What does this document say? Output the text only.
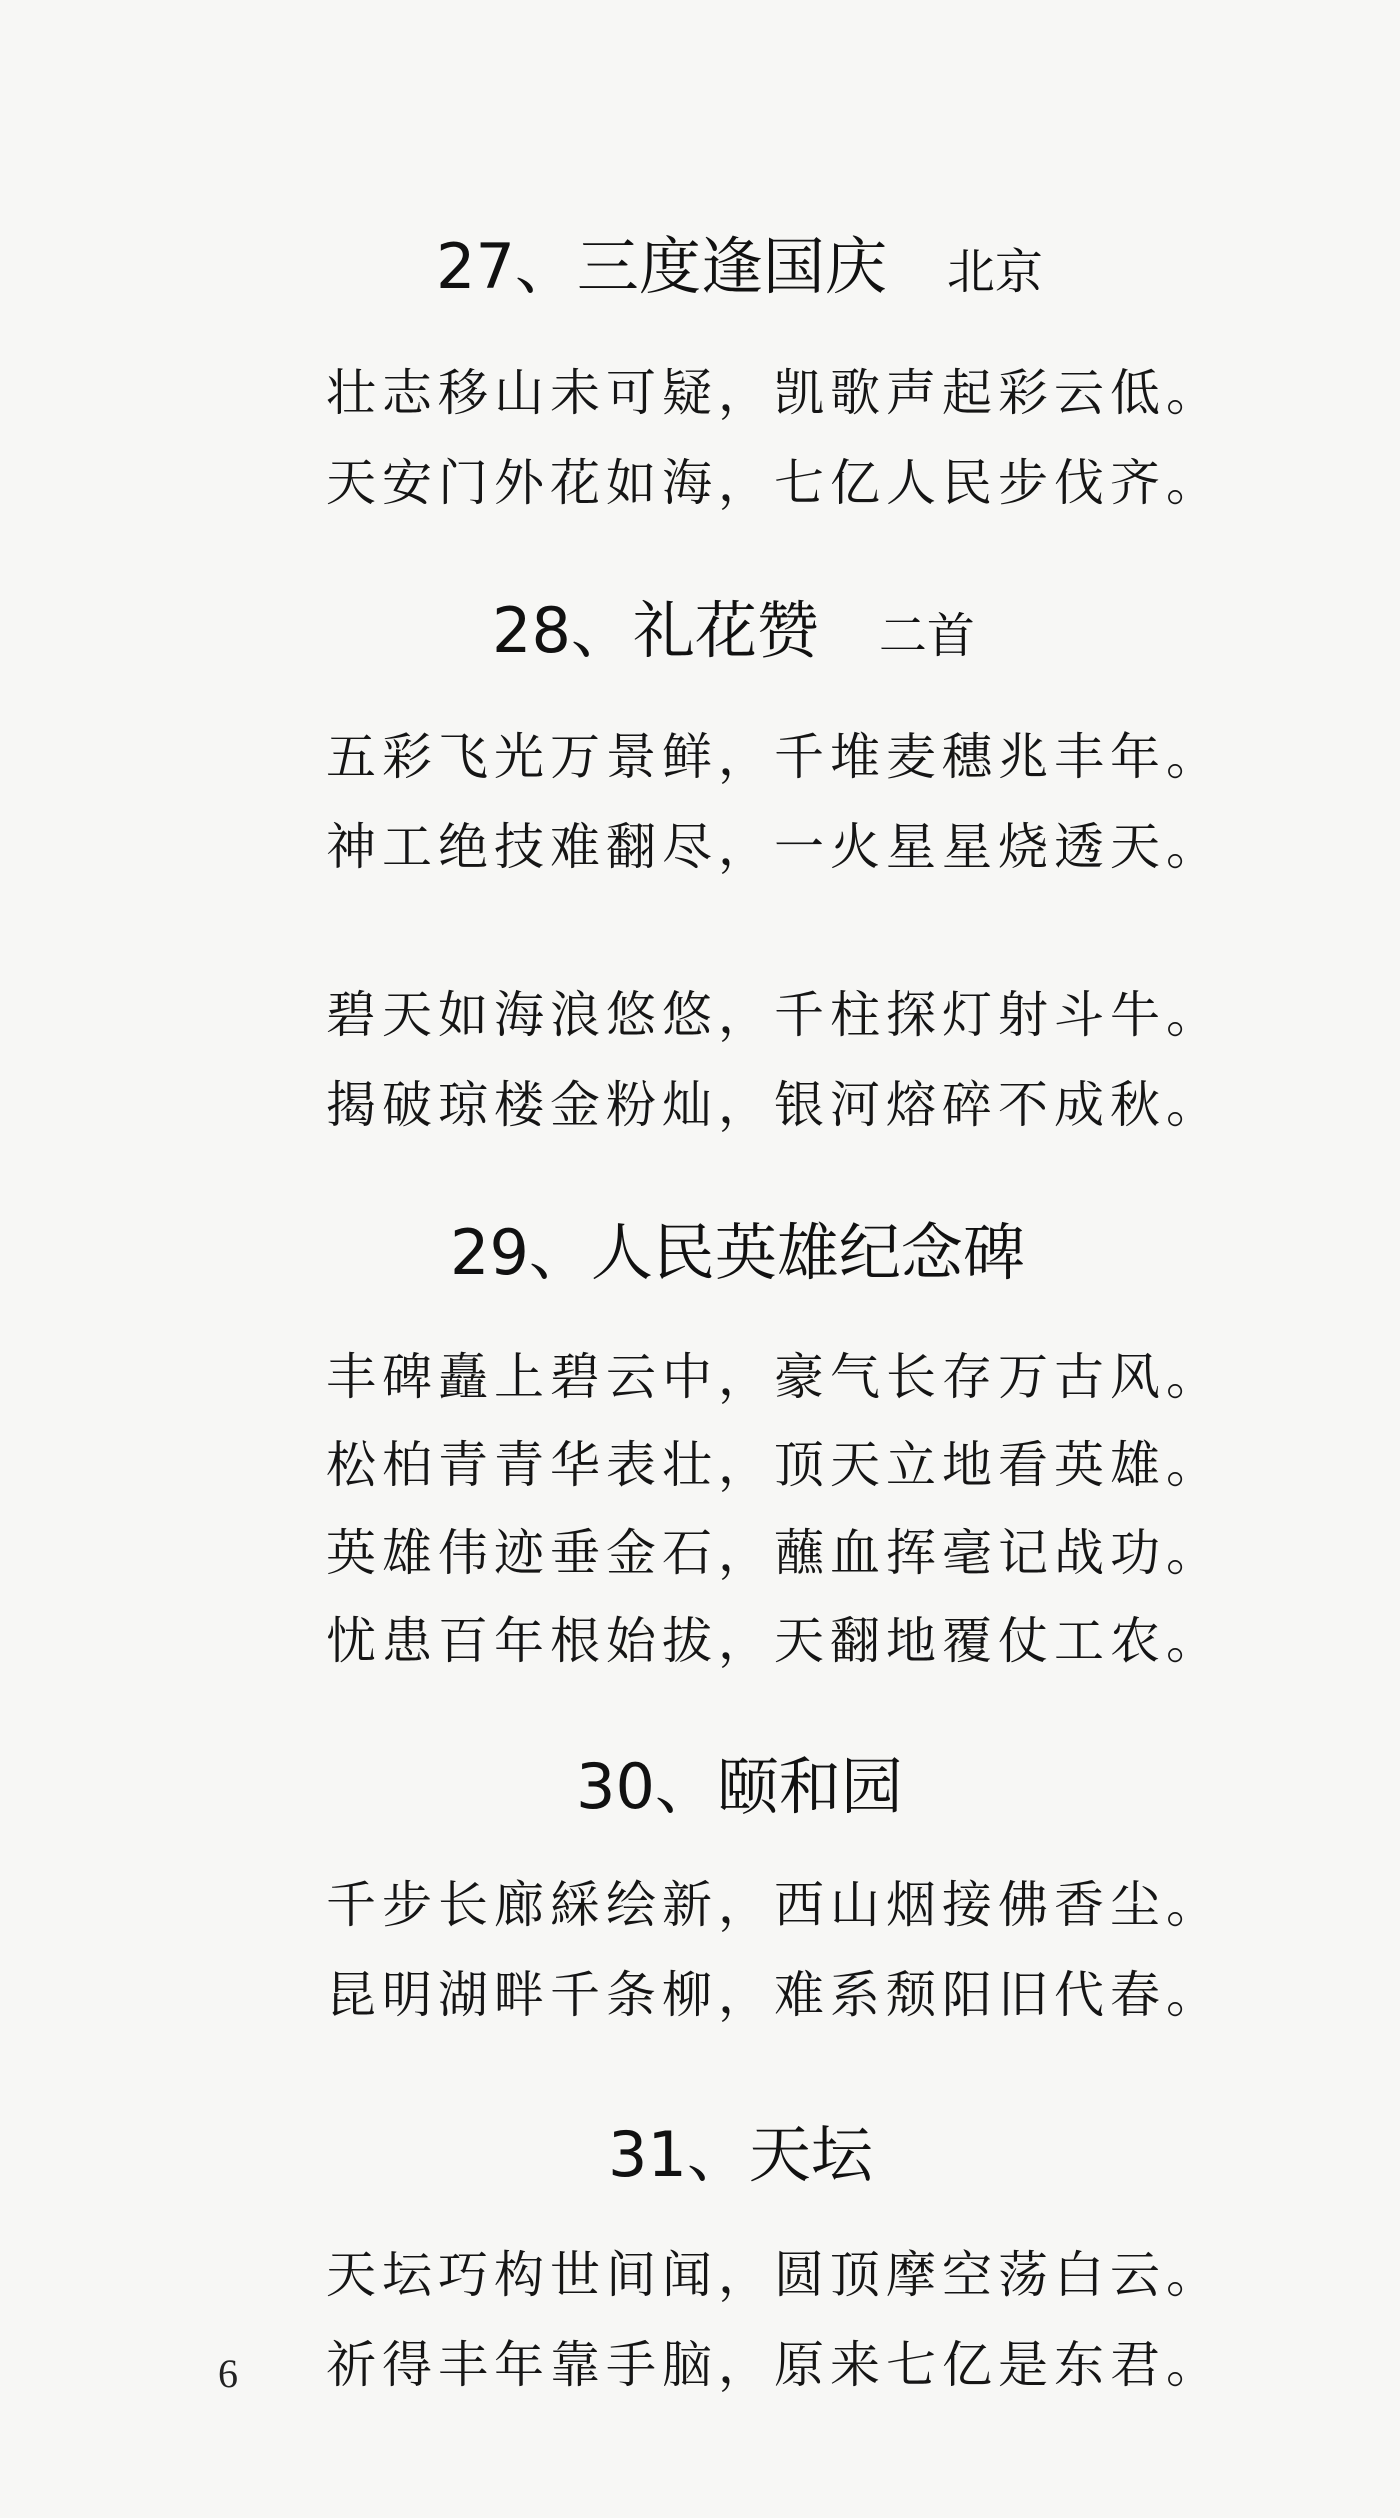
27、三度逢国庆 北京
壮志移山未可疑，凯歌声起彩云低。
天安门外花如海，七亿人民步伐齐。
28、礼花赞 二首
五彩飞光万景鲜，千堆麦穗兆丰年。
神工绝技难翻尽，一火星星烧透天。
碧天如海浪悠悠，千柱探灯射斗牛。
揭破琼楼金粉灿，银河熔碎不成秋。
29、人民英雄纪念碑
丰碑矗上碧云中，豪气长存万古风。
松柏青青华表壮，顶天立地看英雄。
英雄伟迹垂金石，蘸血挥毫记战功。
忧患百年根始拔，天翻地覆仗工农。
30、颐和园
千步长廊綵绘新，西山烟接佛香尘。
昆明湖畔千条柳，难系颓阳旧代春。
31、天坛
天坛巧构世间闻，圆顶摩空荡白云。
祈得丰年靠手脑，原来七亿是东君。
6
